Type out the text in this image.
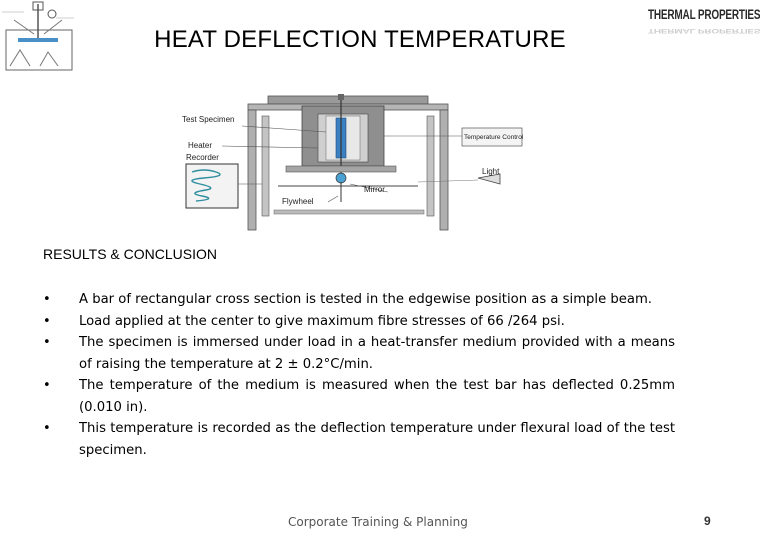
THERMAL PROPERTIES
THERMAL PROPERTIES
HEAT DEFLECTION TEMPERATURE
Test Specimen
Heater
Recorder
Temperature Control
Mirror
Light
Flywheel
RESULTS & CONCLUSION
•	A bar of rectangular cross section is tested in the edgewise position as a simple beam.
•	Load applied at the center to give maximum fibre stresses of 66 /264 psi.
•	The specimen is immersed under load in a heat-transfer medium provided with a means of raising the temperature at 2 ± 0.2°C/min.
•	The temperature of the medium is measured when the test bar has deflected 0.25mm (0.010 in).
•	This temperature is recorded as the deflection temperature under flexural load of the test specimen.
Corporate Training & Planning	9
